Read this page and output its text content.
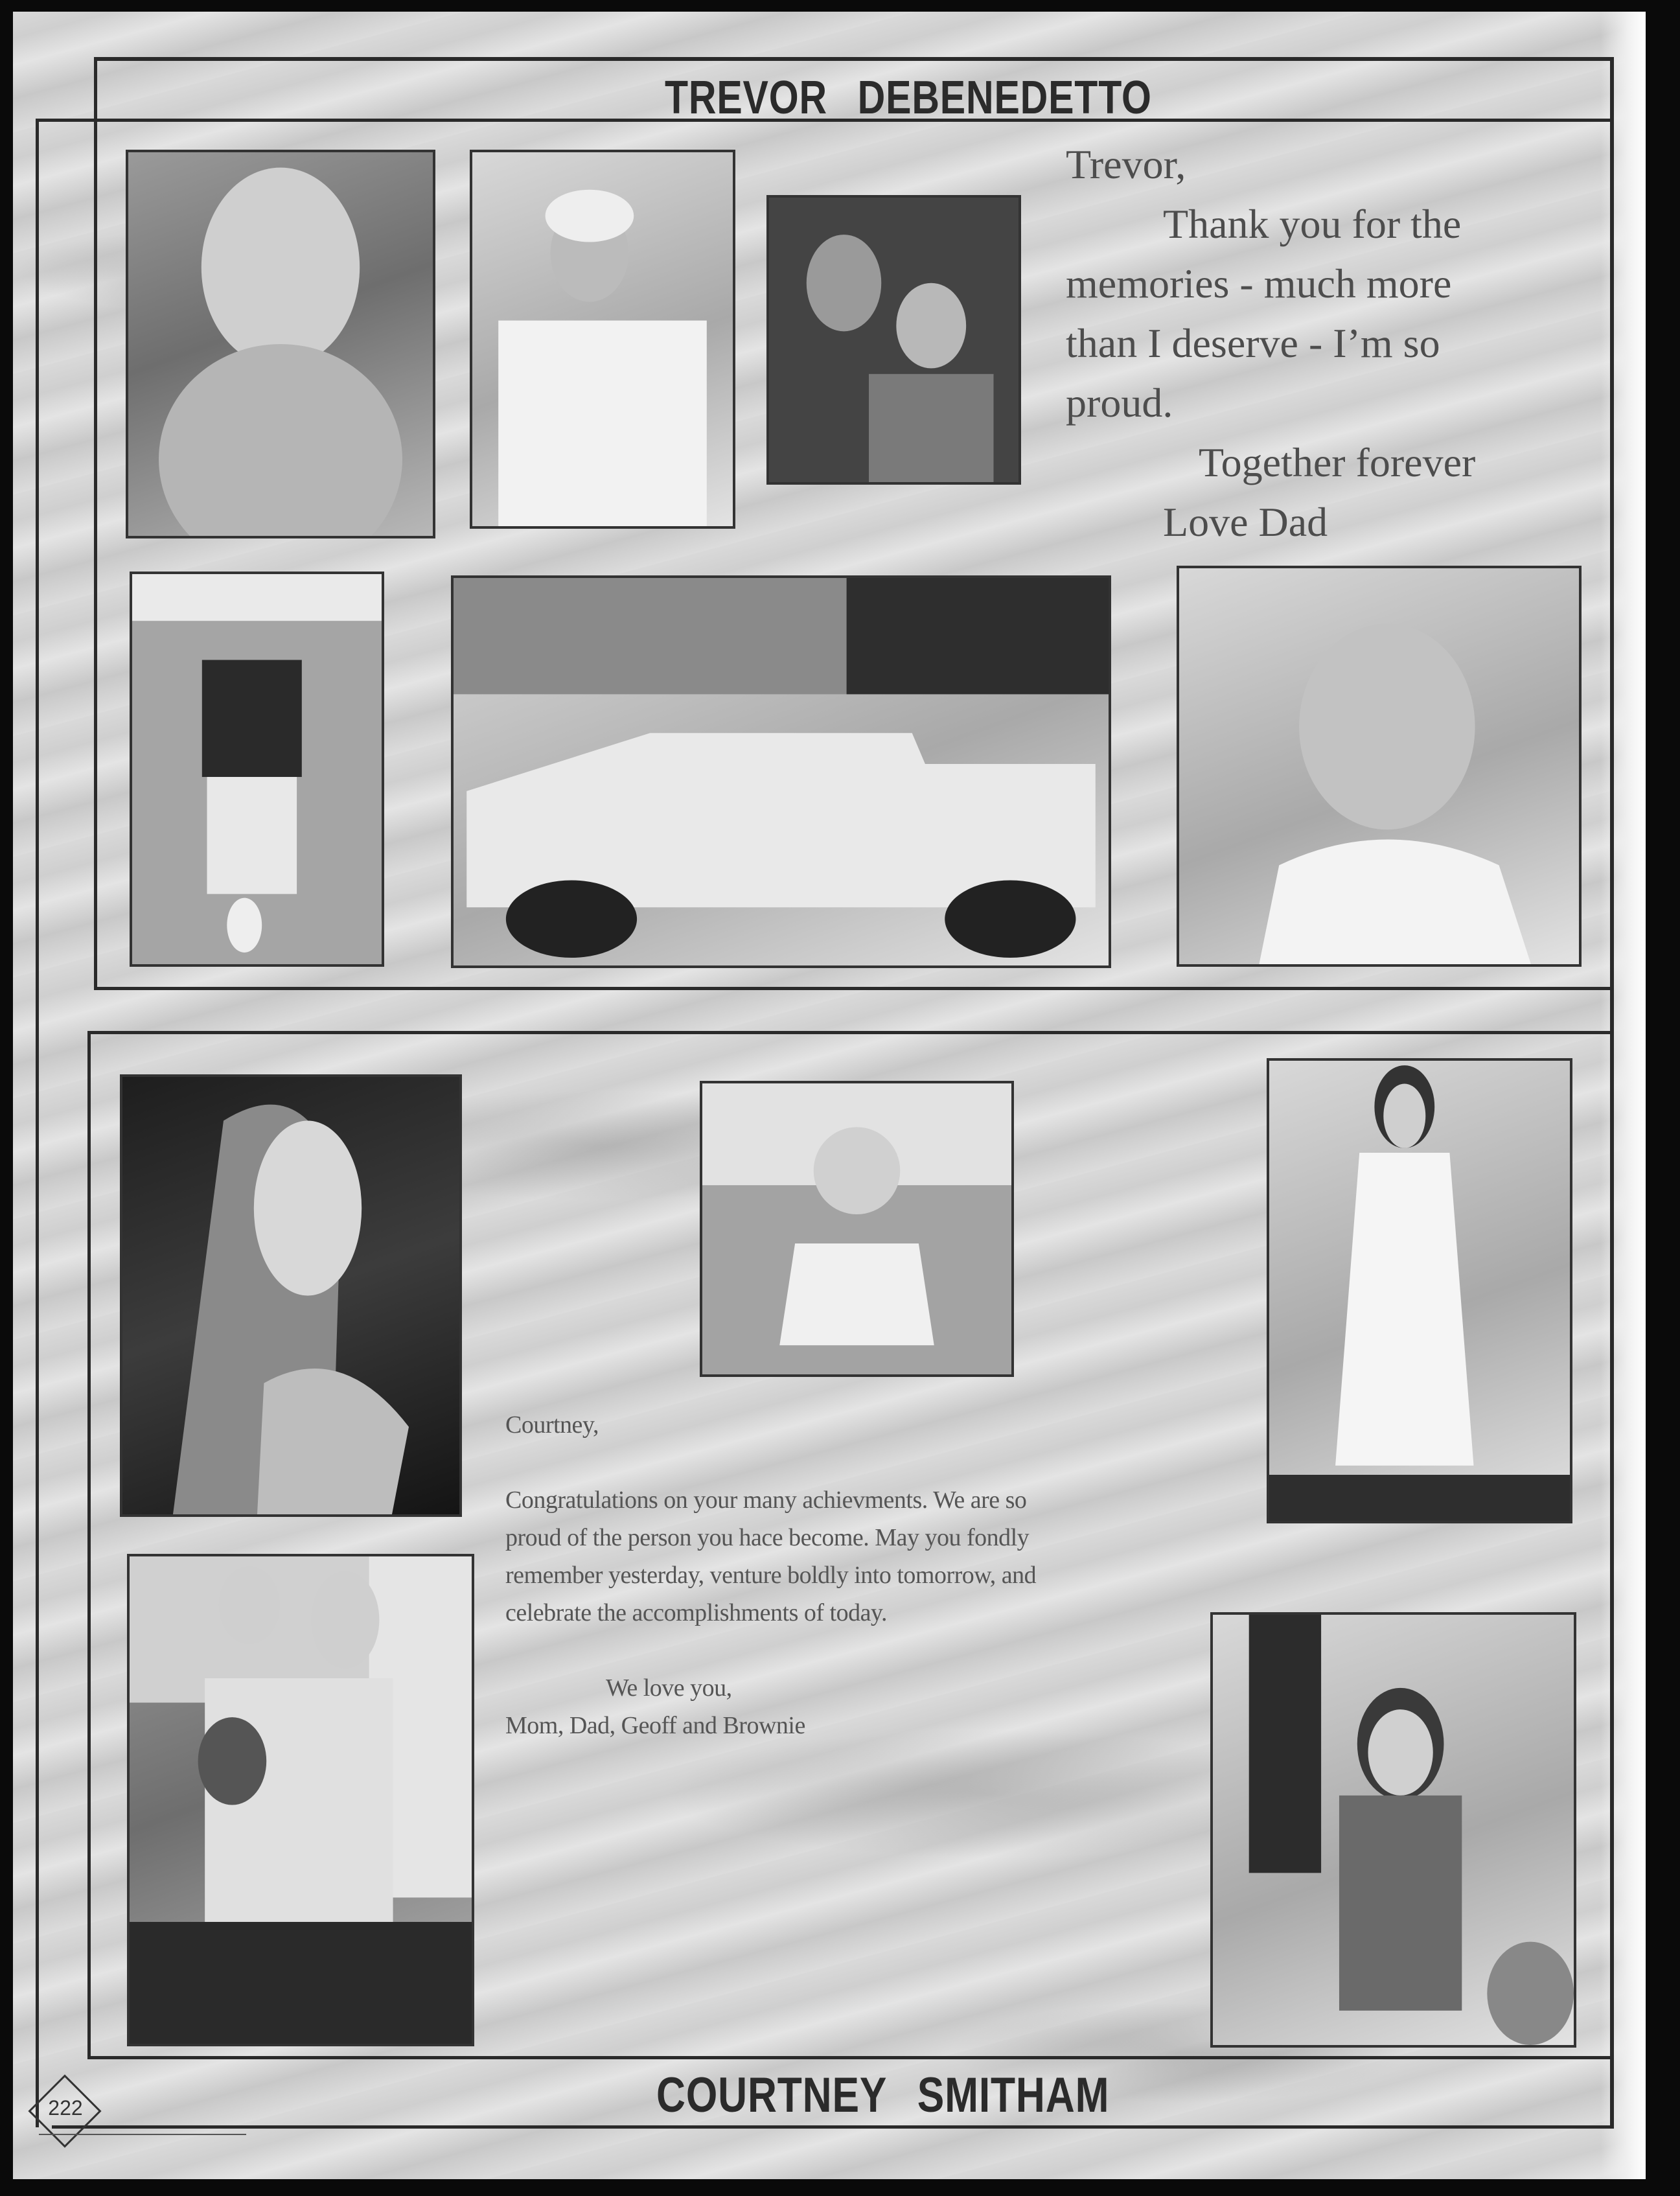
TREVOR DEBENEDETTO
Trevor,
Thank you for the
memories - much more
than I deserve - I’m so
proud.
Together forever
Love Dad
Courtney,
Congratulations on your many achievments. We are so
proud of the person you hace become. May you fondly
remember yesterday, venture boldly into tomorrow, and
celebrate the accomplishments of today.
We love you,
Mom, Dad, Geoff and Brownie
COURTNEY SMITHAM
222
